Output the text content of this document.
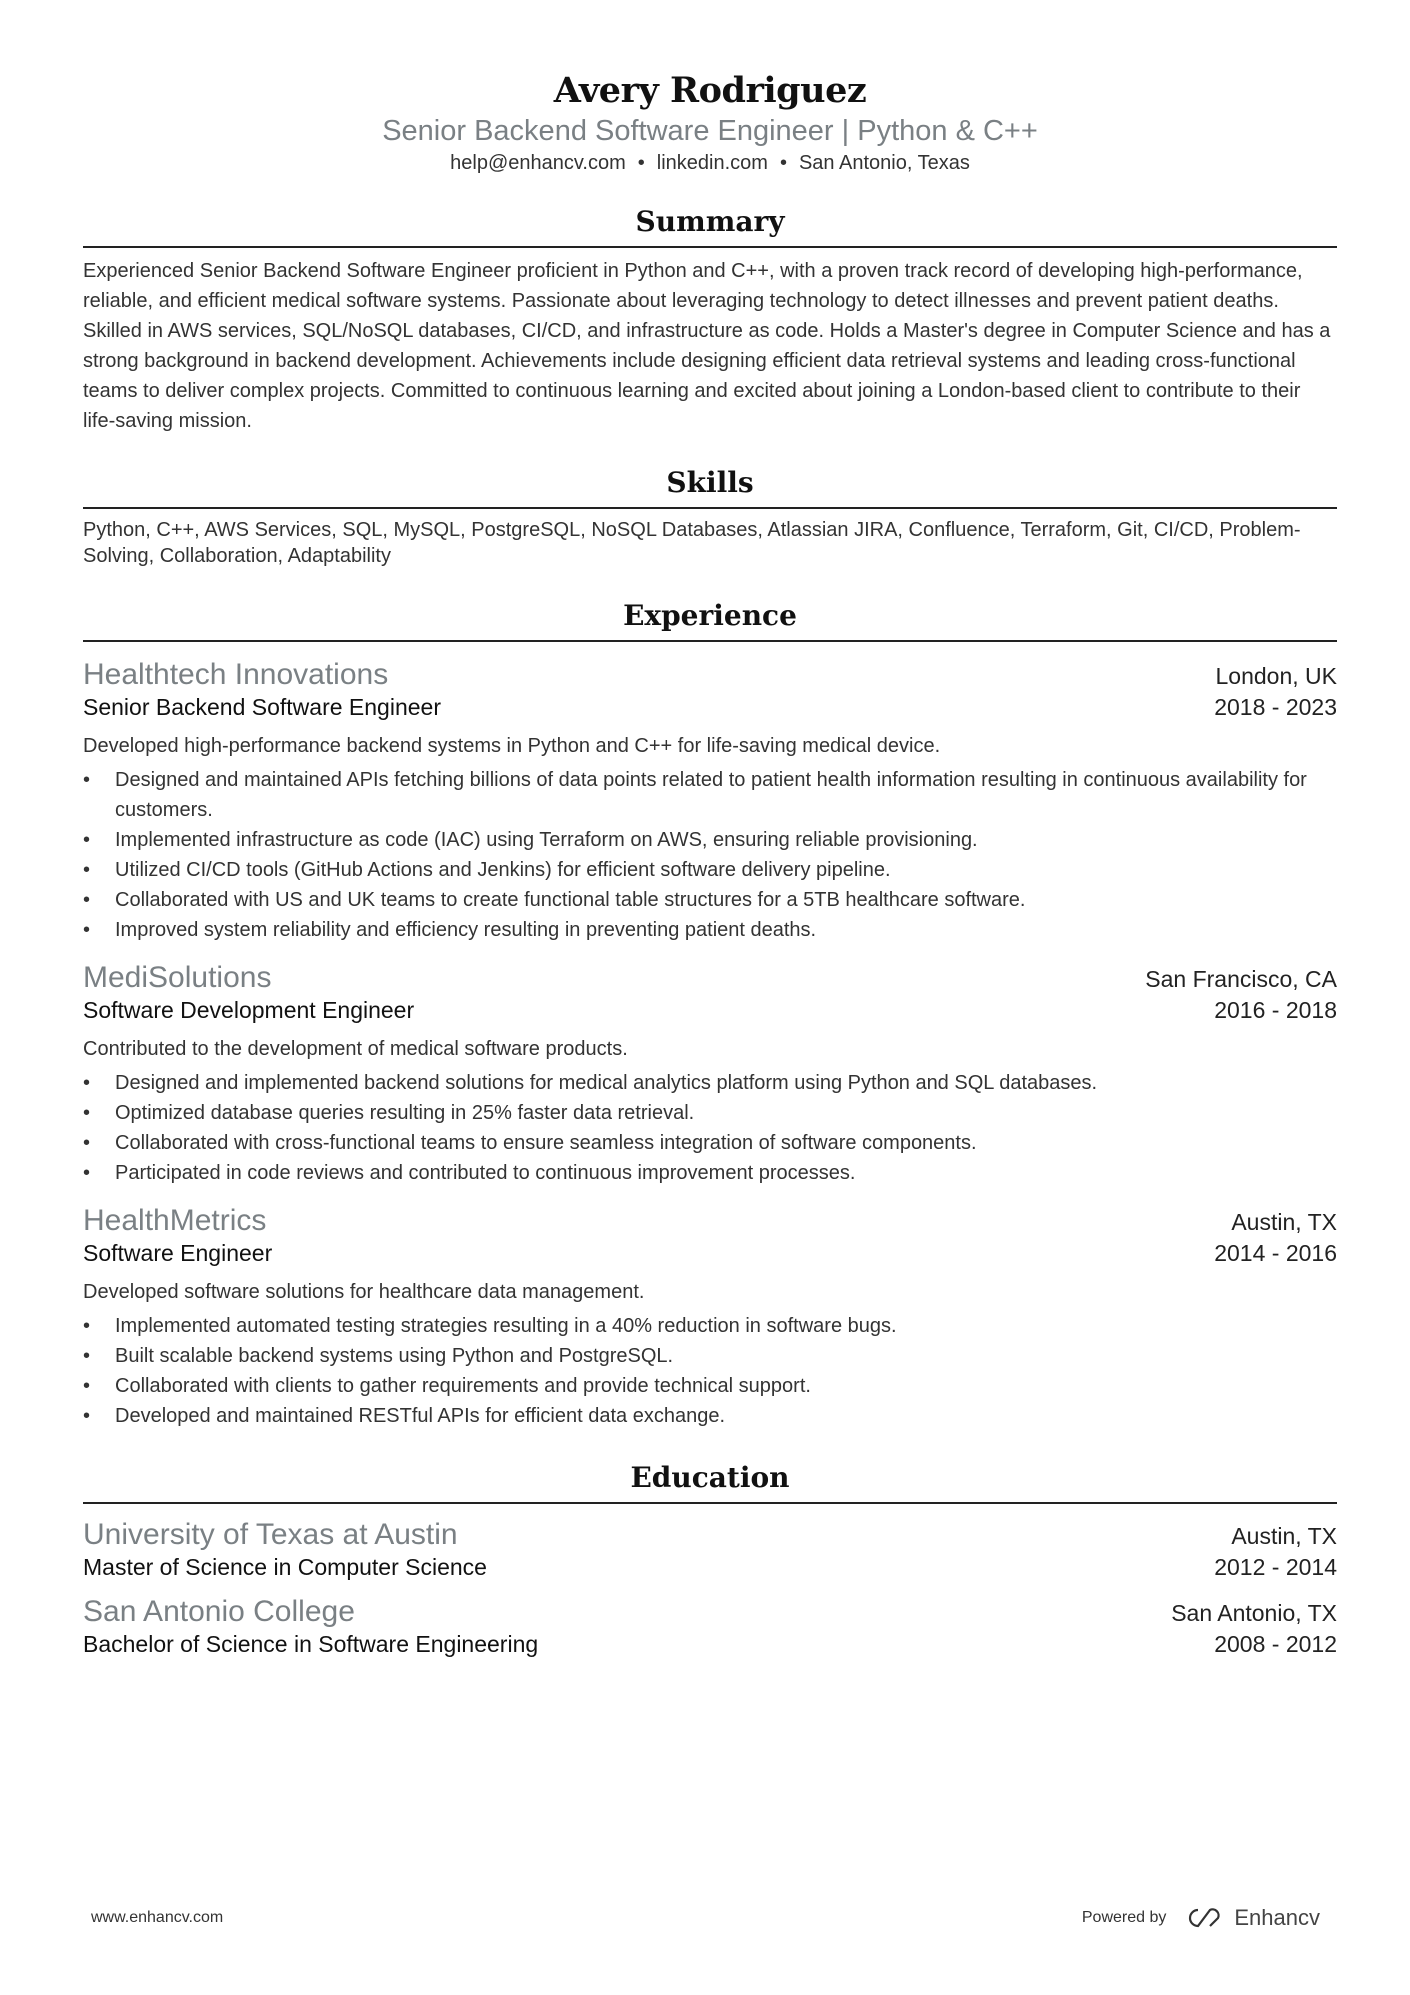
Avery Rodriguez
Senior Backend Software Engineer | Python & C++
help@enhancv.com • linkedin.com • San Antonio, Texas
Summary
Experienced Senior Backend Software Engineer proficient in Python and C++, with a proven track record of developing high-performance, reliable, and efficient medical software systems. Passionate about leveraging technology to detect illnesses and prevent patient deaths. Skilled in AWS services, SQL/NoSQL databases, CI/CD, and infrastructure as code. Holds a Master's degree in Computer Science and has a strong background in backend development. Achievements include designing efficient data retrieval systems and leading cross-functional teams to deliver complex projects. Committed to continuous learning and excited about joining a London-based client to contribute to their life-saving mission.
Skills
Python, C++, AWS Services, SQL, MySQL, PostgreSQL, NoSQL Databases, Atlassian JIRA, Confluence, Terraform, Git, CI/CD, Problem-Solving, Collaboration, Adaptability
Experience
Healthtech Innovations	London, UK
Senior Backend Software Engineer	2018 - 2023
Developed high-performance backend systems in Python and C++ for life-saving medical device.
• Designed and maintained APIs fetching billions of data points related to patient health information resulting in continuous availability for customers.
• Implemented infrastructure as code (IAC) using Terraform on AWS, ensuring reliable provisioning.
• Utilized CI/CD tools (GitHub Actions and Jenkins) for efficient software delivery pipeline.
• Collaborated with US and UK teams to create functional table structures for a 5TB healthcare software.
• Improved system reliability and efficiency resulting in preventing patient deaths.
MediSolutions	San Francisco, CA
Software Development Engineer	2016 - 2018
Contributed to the development of medical software products.
• Designed and implemented backend solutions for medical analytics platform using Python and SQL databases.
• Optimized database queries resulting in 25% faster data retrieval.
• Collaborated with cross-functional teams to ensure seamless integration of software components.
• Participated in code reviews and contributed to continuous improvement processes.
HealthMetrics	Austin, TX
Software Engineer	2014 - 2016
Developed software solutions for healthcare data management.
• Implemented automated testing strategies resulting in a 40% reduction in software bugs.
• Built scalable backend systems using Python and PostgreSQL.
• Collaborated with clients to gather requirements and provide technical support.
• Developed and maintained RESTful APIs for efficient data exchange.
Education
University of Texas at Austin	Austin, TX
Master of Science in Computer Science	2012 - 2014
San Antonio College	San Antonio, TX
Bachelor of Science in Software Engineering	2008 - 2012
www.enhancv.com	Powered by	Enhancv
